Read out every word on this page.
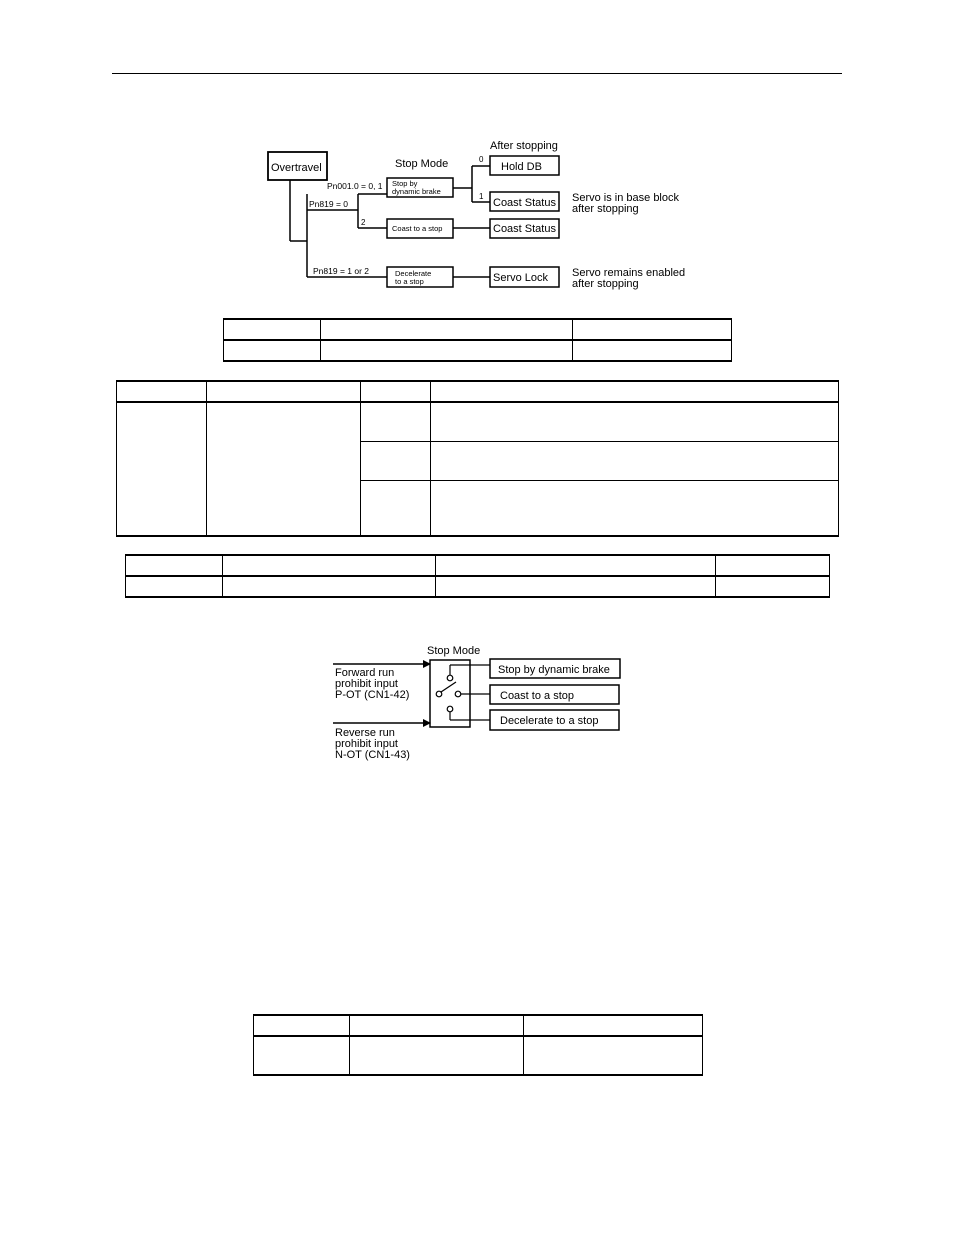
Overtravel	Stop Mode
After stopping
Pn001.0 = 0, 1
Pn819 = 0
Pn819 = 1 or 2
0
1
2
Stop by
dynamic brake
Coast to a stop
Decelerate
to a stop
Hold DB
Coast Status
Coast Status
Servo Lock
Servo is in base block
after stopping
Servo remains enabled
after stopping

Stop Mode
Forward run
prohibit input
P-OT (CN1-42)
Reverse run
prohibit input
N-OT (CN1-43)
Stop by dynamic brake
Coast to a stop
Decelerate to a stop
